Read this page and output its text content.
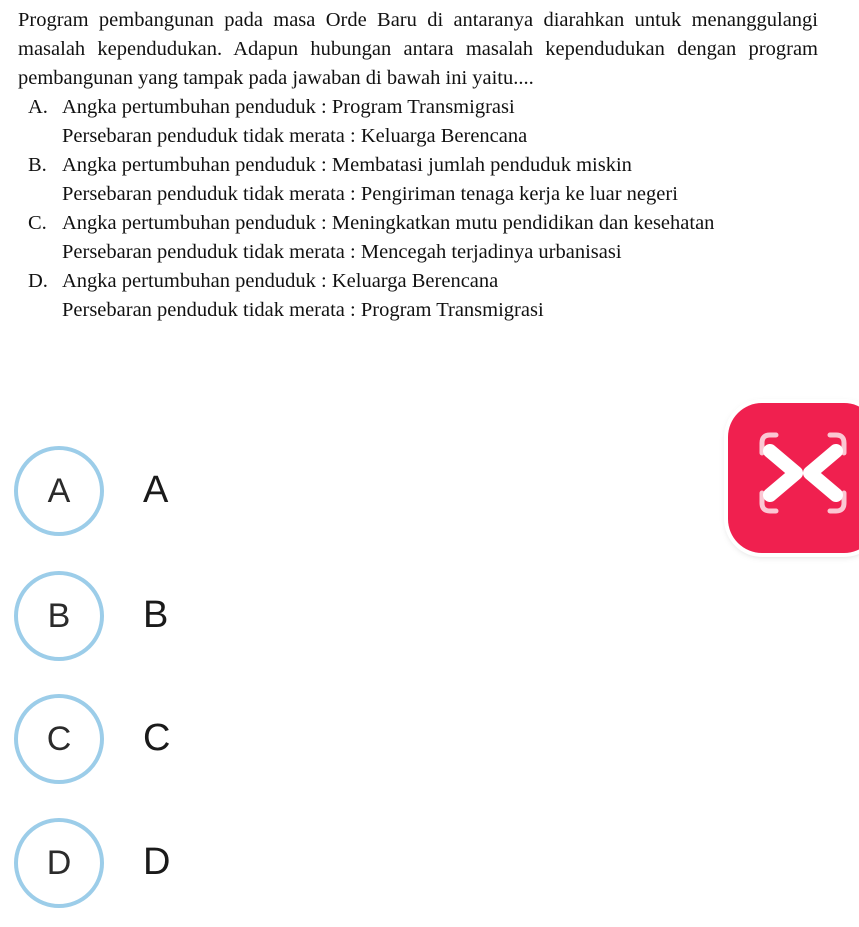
Program pembangunan pada masa Orde Baru di antaranya diarahkan untuk menanggulangi masalah kependudukan. Adapun hubungan antara masalah kependudukan dengan program pembangunan yang tampak pada jawaban di bawah ini yaitu....

A. Angka pertumbuhan penduduk : Program Transmigrasi
Persebaran penduduk tidak merata : Keluarga Berencana
B. Angka pertumbuhan penduduk : Membatasi jumlah penduduk miskin
Persebaran penduduk tidak merata : Pengiriman tenaga kerja ke luar negeri
C. Angka pertumbuhan penduduk : Meningkatkan mutu pendidikan dan kesehatan
Persebaran penduduk tidak merata : Mencegah terjadinya urbanisasi
D. Angka pertumbuhan penduduk : Keluarga Berencana
Persebaran penduduk tidak merata : Program Transmigrasi
A	A
B	B
C	C
D	D
